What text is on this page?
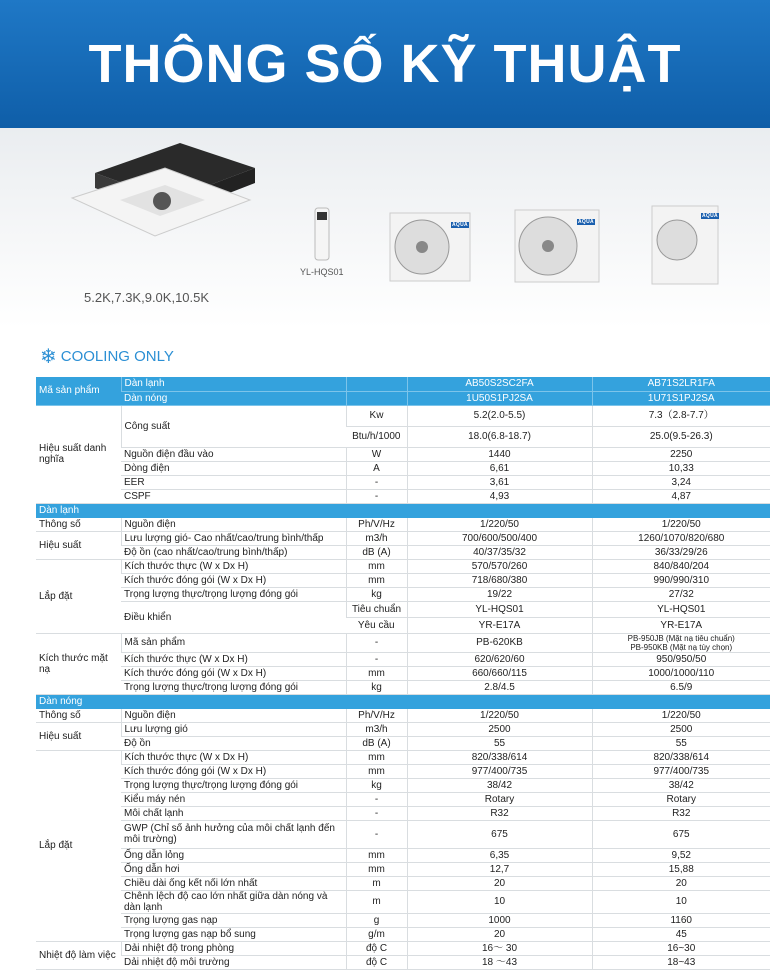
THÔNG SỐ KỸ THUẬT
AQUA	AQUA
AQUA
YL-HQS01
5.2K,7.3K,9.0K,10.5K
❄ COOLING ONLY
Mã sản phẩm	Dàn lạnh		AB50S2SC2FA	AB71S2LR1FA
	Dàn nóng		1U50S1PJ2SA	1U71S1PJ2SA
Hiệu suất danh nghĩa	Công suất	Kw	5.2(2.0-5.5)	7.3（2.8-7.7）
		Btu/h/1000	18.0(6.8-18.7)	25.0(9.5-26.3)
	Nguồn điện đầu vào	W	1440	2250
	Dòng điện	A	6,61	10,33
	EER	-	3,61	3,24
	CSPF	-	4,93	4,87
Dàn lạnh				
Thông số	Nguồn điện	Ph/V/Hz	1/220/50	1/220/50
Hiệu suất	Lưu lượng gió- Cao nhất/cao/trung bình/thấp	m3/h	700/600/500/400	1260/1070/820/680
	Độ ồn (cao nhất/cao/trung bình/thấp)	dB (A)	40/37/35/32	36/33/29/26
Lắp đặt	Kích thước thực (W x Dx H)	mm	570/570/260	840/840/204
	Kích thước đóng gói (W x Dx H)	mm	718/680/380	990/990/310
	Trọng lượng thực/trọng lượng đóng gói	kg	19/22	27/32
	Điều khiển	Tiêu chuẩn	YL-HQS01	YL-HQS01
		Yêu cầu	YR-E17A	YR-E17A
Kích thước mặt nạ	Mã sản phẩm	-	PB-620KB	PB-950JB (Mặt nạ tiêu chuẩn)
PB-950KB (Mặt nạ tùy chọn)

	Kích thước thực (W x Dx H)	-	620/620/60	950/950/50
	Kích thước đóng gói (W x Dx H)	mm	660/660/115	1000/1000/110
	Trọng lượng thực/trọng lượng đóng gói	kg	2.8/4.5	6.5/9
Dàn nóng				
Thông số	Nguồn điện	Ph/V/Hz	1/220/50	1/220/50
Hiệu suất	Lưu lượng gió	m3/h	2500	2500
	Độ ồn	dB (A)	55	55
Lắp đặt	Kích thước thực (W x Dx H)	mm	820/338/614	820/338/614
	Kích thước đóng gói (W x Dx H)	mm	977/400/735	977/400/735
	Trọng lượng thực/trọng lượng đóng gói	kg	38/42	38/42
	Kiểu máy nén	-	Rotary	Rotary
	Môi chất lạnh	-	R32	R32
	GWP (Chỉ số ảnh hưởng của môi chất lạnh đến môi trường)	-	675	675
	Ống dẫn lỏng	mm	6,35	9,52
	Ống dẫn hơi	mm	12,7	15,88
	Chiều dài ống kết nối lớn nhất	m	20	20
	Chênh lệch độ cao lớn nhất giữa dàn nóng và dàn lạnh	m	10	10
	Trọng lượng gas nạp	g	1000	1160
	Trọng lượng gas nạp bổ sung	g/m	20	45
Nhiệt độ làm việc	Dải nhiệt độ trong phòng	độ C	16～ 30	16~30
	Dải nhiệt độ môi trường	độ C	18 ～43	18~43
